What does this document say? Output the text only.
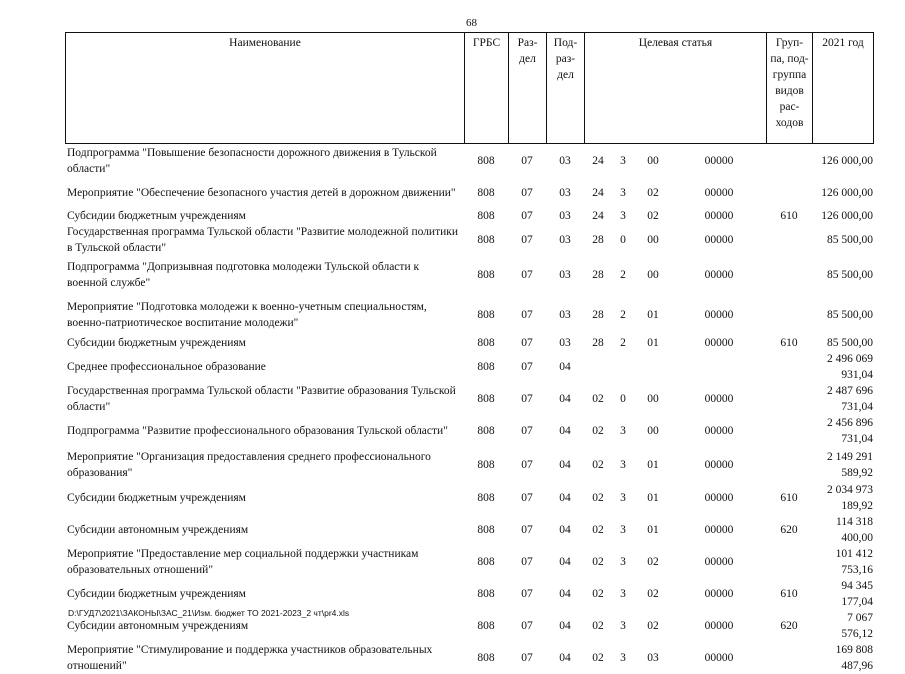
68
Наименование	ГРБС	Раз-дел	Под-раз-дел	Целевая статья	Груп-па, под-группа видов рас-ходов	2021 год
Подпрограмма "Повышение безопасности дорожного движения в Тульской области"	808	07	03	24	3	00	00000		126 000,00
Мероприятие "Обеспечение безопасного участия детей в дорожном движении"	808	07	03	24	3	02	00000		126 000,00
Субсидии бюджетным учреждениям	808	07	03	24	3	02	00000	610	126 000,00
Государственная программа Тульской области "Развитие молодежной политики в Тульской области"	808	07	03	28	0	00	00000		85 500,00
Подпрограмма "Допризывная подготовка молодежи Тульской области к военной службе"	808	07	03	28	2	00	00000		85 500,00
Мероприятие "Подготовка молодежи к военно-учетным специальностям, военно-патриотическое воспитание молодежи"	808	07	03	28	2	01	00000		85 500,00
Субсидии бюджетным учреждениям	808	07	03	28	2	01	00000	610	85 500,00
Среднее профессиональное образование	808	07	04						2 496 069 931,04
Государственная программа Тульской области "Развитие образования Тульской области"	808	07	04	02	0	00	00000		2 487 696 731,04
Подпрограмма "Развитие профессионального образования Тульской области"	808	07	04	02	3	00	00000		2 456 896 731,04
Мероприятие "Организация предоставления среднего профессионального образования"	808	07	04	02	3	01	00000		2 149 291 589,92
Субсидии бюджетным учреждениям	808	07	04	02	3	01	00000	610	2 034 973 189,92
Субсидии автономным учреждениям	808	07	04	02	3	01	00000	620	114 318 400,00
Мероприятие "Предоставление мер социальной поддержки участникам образовательных отношений"	808	07	04	02	3	02	00000		101 412 753,16
Субсидии бюджетным учреждениям	808	07	04	02	3	02	00000	610	94 345 177,04
Субсидии автономным учреждениям	808	07	04	02	3	02	00000	620	7 067 576,12
Мероприятие "Стимулирование и поддержка участников образовательных отношений"	808	07	04	02	3	03	00000		169 808 487,96
D:\ГУД7\2021\ЗАКОНЫ\ЗАС_21\Изм. бюджет ТО 2021-2023_2 чт\pr4.xls
